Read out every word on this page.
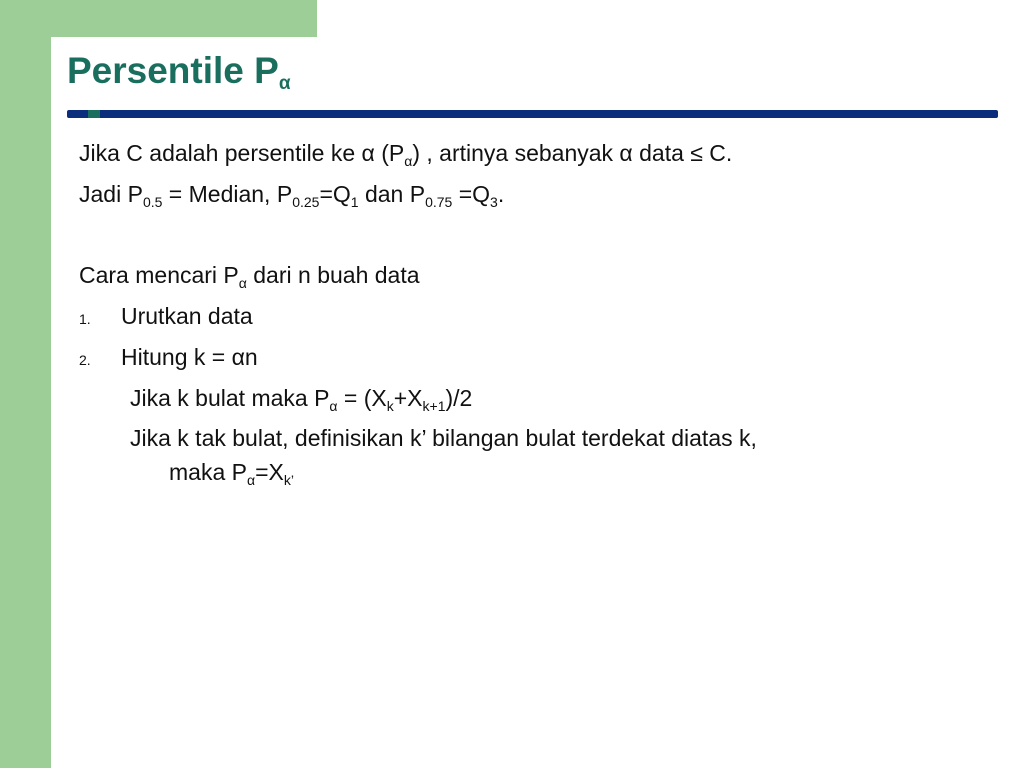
Persentile $P_\alpha$
Jika C adalah persentile ke α $(P_\alpha)$ , artinya sebanyak α data ≤ C.
Jadi $P_{0.5}$ = Median, $P_{0.25}=Q_1$ dan $P_{0.75} =Q_3$.
Cara mencari $P_\alpha$ dari n buah data
1. Urutkan data
2. Hitung k = αn
Jika k bulat maka $P_\alpha = (X_k+X_{k+1})/2$
Jika k tak bulat, definisikan k’ bilangan bulat terdekat diatas k,
maka $P_\alpha=X_{k’}$
